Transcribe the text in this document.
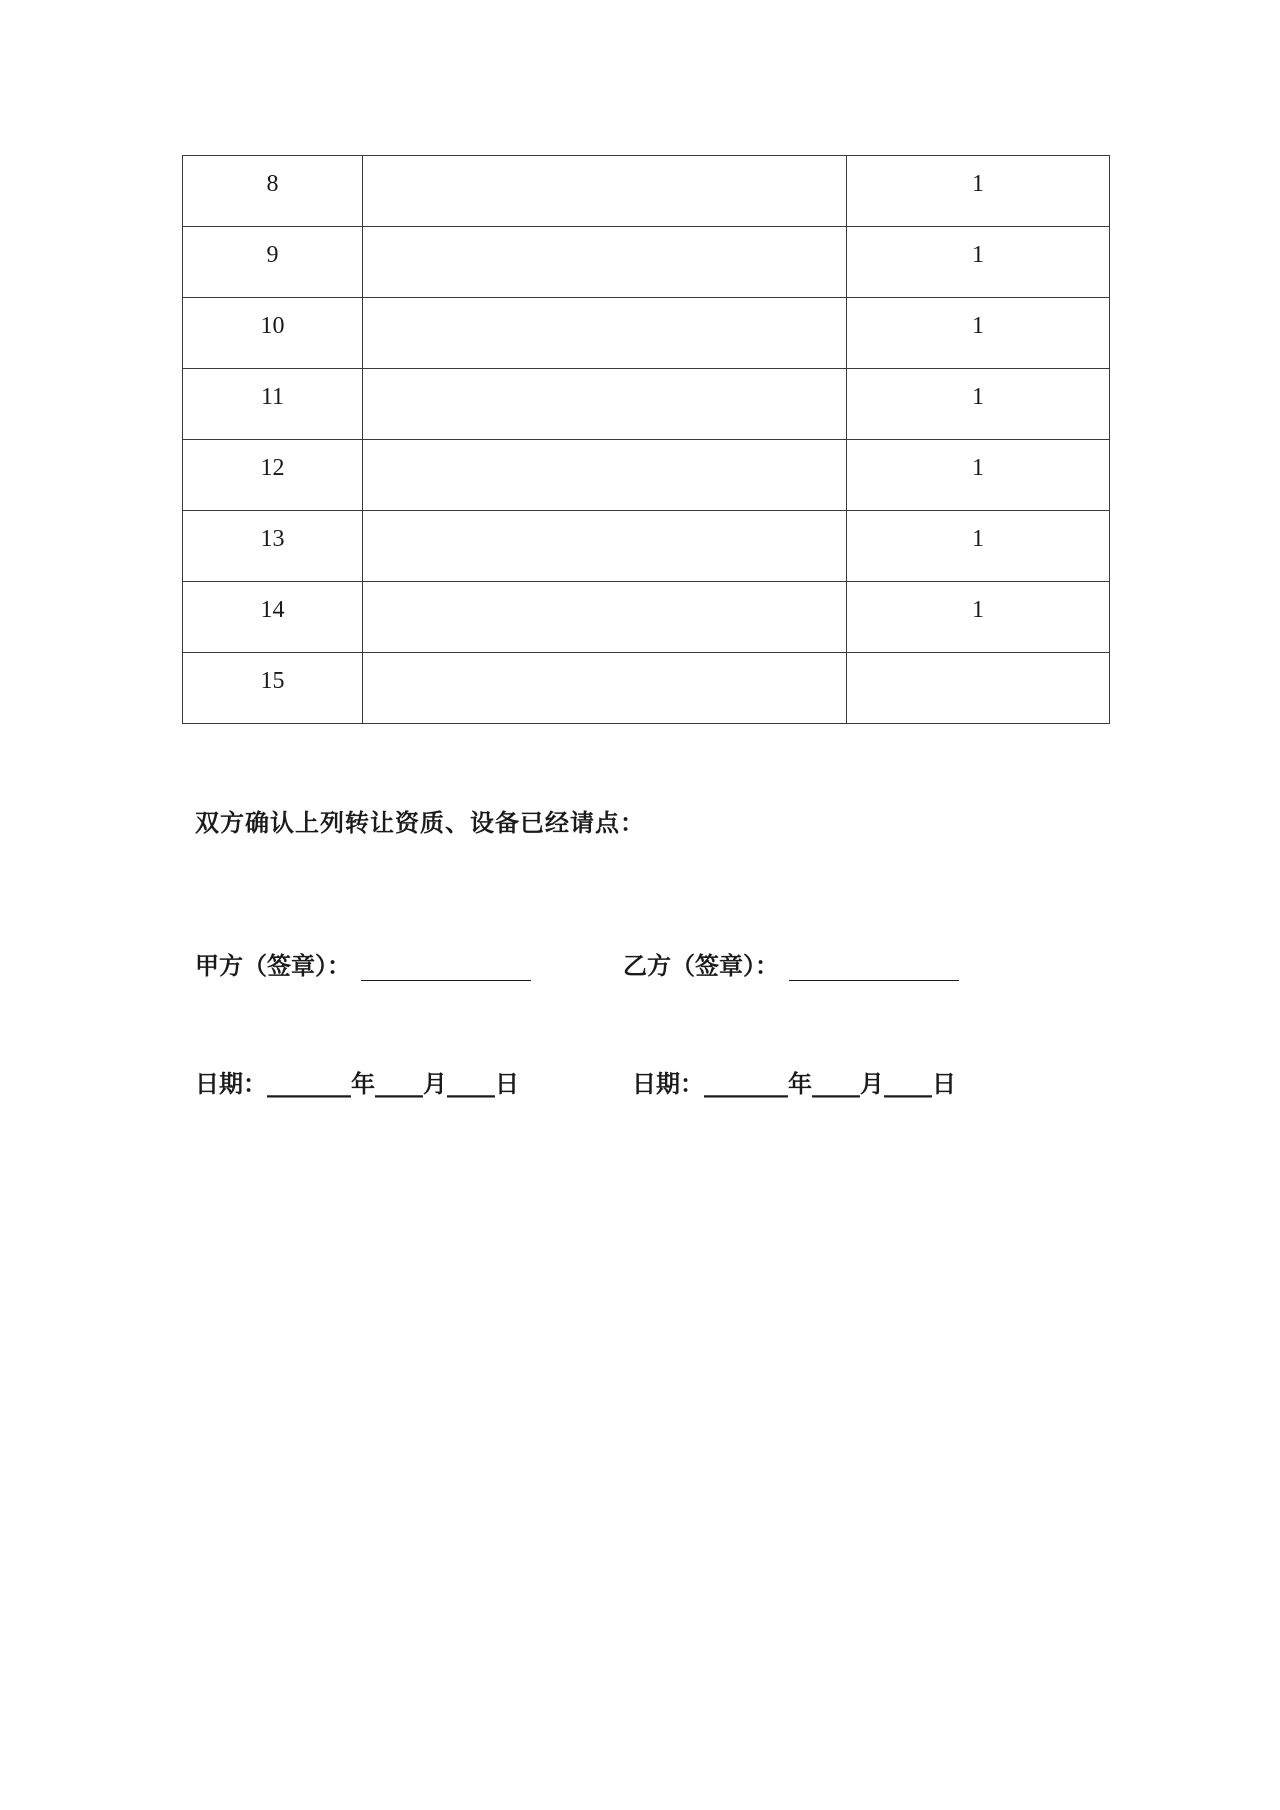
8		1

9		1

10		1

11		1

12		1

13		1

14		1

15		

双方确认上列转让资质、设备已经请点：
甲方（签章）：	乙方（签章）：
日期：_______年____月____日	日期：_______年____月____日
